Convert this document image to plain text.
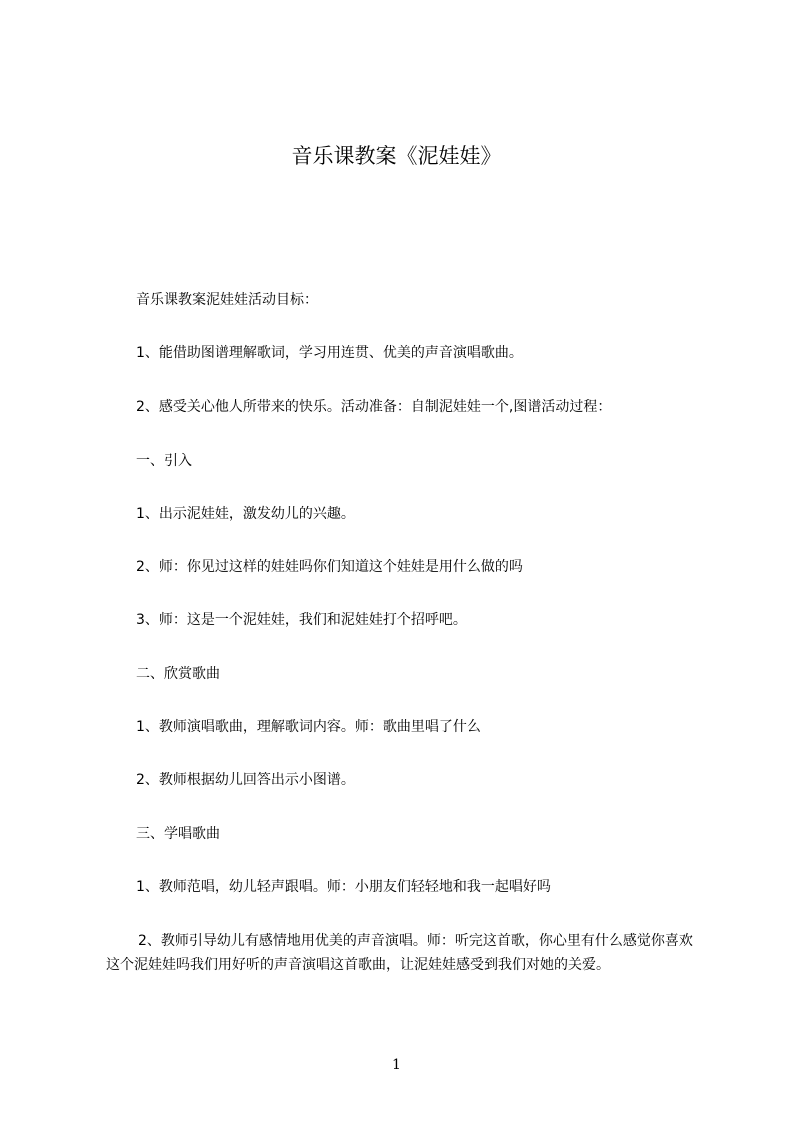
音乐课教案《泥娃娃》
音乐课教案泥娃娃活动目标：
1、能借助图谱理解歌词，学习用连贯、优美的声音演唱歌曲。
2、感受关心他人所带来的快乐。活动准备：自制泥娃娃一个,图谱活动过程：
一、引入
1、出示泥娃娃，激发幼儿的兴趣。
2、师：你见过这样的娃娃吗你们知道这个娃娃是用什么做的吗
3、师：这是一个泥娃娃，我们和泥娃娃打个招呼吧。
二、欣赏歌曲
1、教师演唱歌曲，理解歌词内容。师：歌曲里唱了什么
2、教师根据幼儿回答出示小图谱。
三、学唱歌曲
1、教师范唱，幼儿轻声跟唱。师：小朋友们轻轻地和我一起唱好吗
2、教师引导幼儿有感情地用优美的声音演唱。师：听完这首歌，你心里有什么感觉你喜欢这个泥娃娃吗我们用好听的声音演唱这首歌曲，让泥娃娃感受到我们对她的关爱。
1
